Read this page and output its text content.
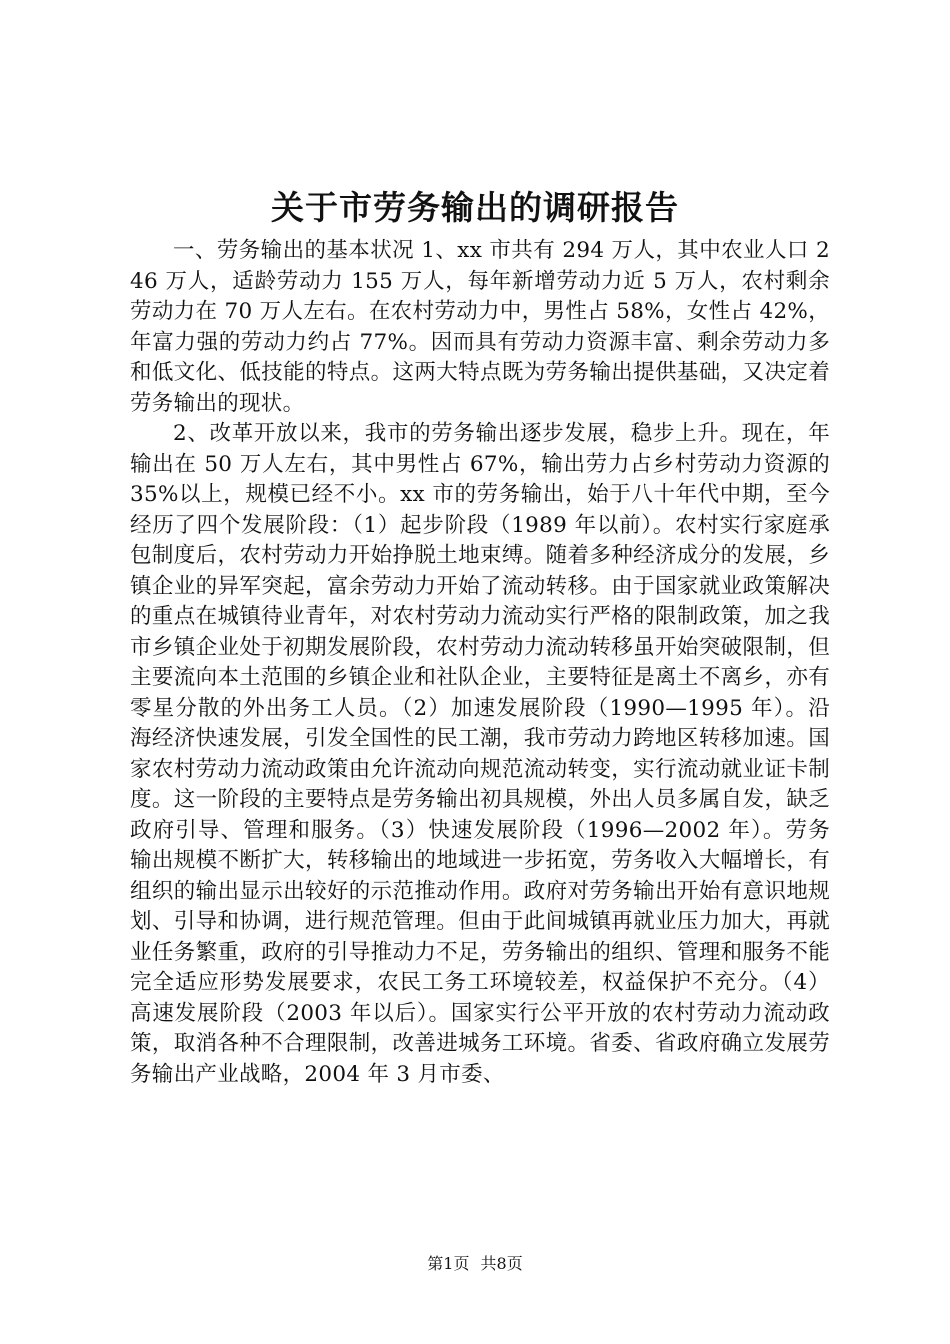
关于市劳务输出的调研报告

一、劳务输出的基本状况 1、xx 市共有 294 万人，其中农业人口 246 万人，适龄劳动力 155 万人，每年新增劳动力近 5 万人，农村剩余劳动力在 70 万人左右。在农村劳动力中，男性占 58%，女性占 42%，年富力强的劳动力约占 77%。因而具有劳动力资源丰富、剩余劳动力多和低文化、低技能的特点。这两大特点既为劳务输出提供基础，又决定着劳务输出的现状。

2、改革开放以来，我市的劳务输出逐步发展，稳步上升。现在，年输出在 50 万人左右，其中男性占 67%，输出劳力占乡村劳动力资源的 35%以上，规模已经不小。xx 市的劳务输出，始于八十年代中期，至今经历了四个发展阶段：（1）起步阶段（1989 年以前）。农村实行家庭承包制度后，农村劳动力开始挣脱土地束缚。随着多种经济成分的发展，乡镇企业的异军突起，富余劳动力开始了流动转移。由于国家就业政策解决的重点在城镇待业青年，对农村劳动力流动实行严格的限制政策，加之我市乡镇企业处于初期发展阶段，农村劳动力流动转移虽开始突破限制，但主要流向本土范围的乡镇企业和社队企业，主要特征是离土不离乡，亦有零星分散的外出务工人员。（2）加速发展阶段（1990—1995 年）。沿海经济快速发展，引发全国性的民工潮，我市劳动力跨地区转移加速。国家农村劳动力流动政策由允许流动向规范流动转变，实行流动就业证卡制度。这一阶段的主要特点是劳务输出初具规模，外出人员多属自发，缺乏政府引导、管理和服务。（3）快速发展阶段（1996—2002 年）。劳务输出规模不断扩大，转移输出的地域进一步拓宽，劳务收入大幅增长，有组织的输出显示出较好的示范推动作用。政府对劳务输出开始有意识地规划、引导和协调，进行规范管理。但由于此间城镇再就业压力加大，再就业任务繁重，政府的引导推动力不足，劳务输出的组织、管理和服务不能完全适应形势发展要求，农民工务工环境较差，权益保护不充分。（4）高速发展阶段（2003 年以后）。国家实行公平开放的农村劳动力流动政策，取消各种不合理限制，改善进城务工环境。省委、省政府确立发展劳务输出产业战略，2004 年 3 月市委、

第1页 共8页
